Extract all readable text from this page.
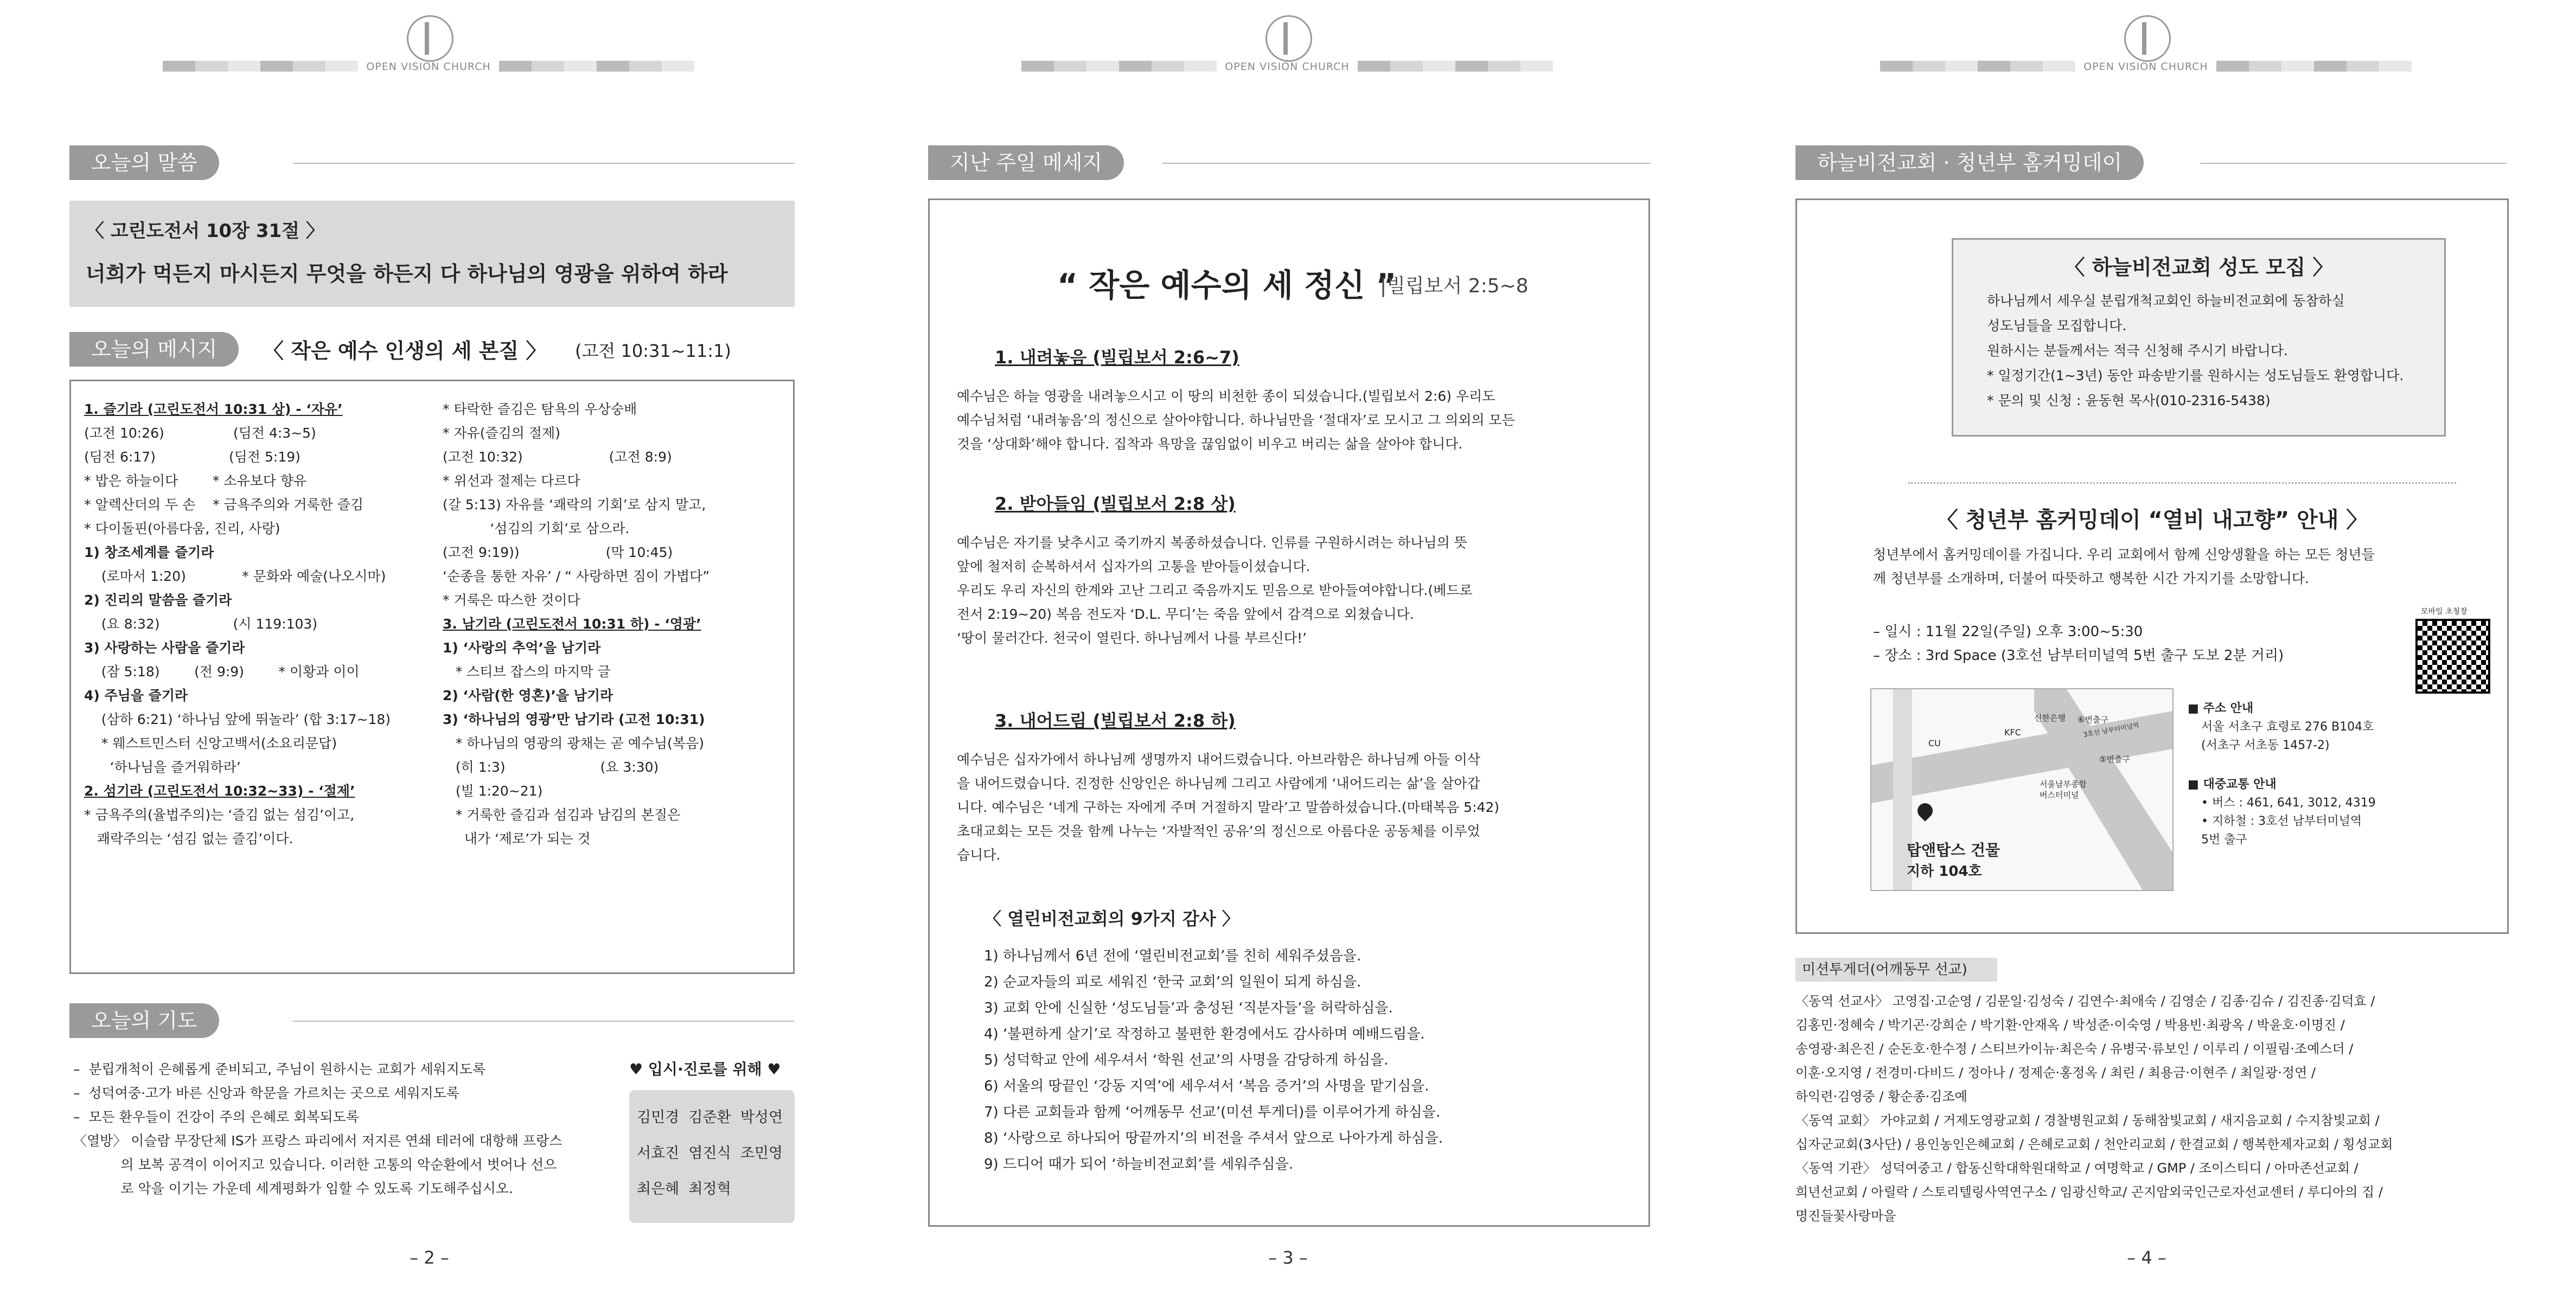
OPEN VISION CHURCH
오늘의 말씀
〈 고린도전서 10장 31절 〉
너희가 먹든지 마시든지 무엇을 하든지 다 하나님의 영광을 위하여 하라
오늘의 메시지	〈 작은 예수 인생의 세 본질 〉 (고전 10:31~11:1)
1. 즐기라 (고린도전서 10:31 상) - ‘자유’
(고전 10:26)                (딤전 4:3~5)
(딤전 6:17)                 (딤전 5:19)
* 밥은 하늘이다        * 소유보다 향유
* 알렉산더의 두 손    * 금욕주의와 거룩한 즐김
* 다이돌핀(아름다움, 진리, 사랑)
1) 창조세계를 즐기라
(로마서 1:20)             * 문화와 예술(나오시마)
2) 진리의 말씀을 즐기라
(요 8:32)                 (시 119:103)
3) 사랑하는 사람을 즐기라
(잠 5:18)        (전 9:9)        * 이황과 이이
4) 주님을 즐기라
(삼하 6:21) ‘하나님 앞에 뛰놀라’ (합 3:17~18)
* 웨스트민스터 신앙고백서(소요리문답)
‘하나님을 즐거워하라’
2. 섬기라 (고린도전서 10:32~33) - ‘절제’
* 금욕주의(율법주의)는 ‘즐김 없는 섬김’이고,
쾌락주의는 ‘섬김 없는 즐김’이다.
* 타락한 즐김은 탐욕의 우상숭배
* 자유(즐김의 절제)
(고전 10:32)                    (고전 8:9)
* 위선과 절제는 다르다
(갈 5:13) 자유를 ‘쾌락의 기회’로 삼지 말고,
‘섬김의 기회’로 삼으라.
(고전 9:19))                    (막 10:45)
‘순종을 통한 자유’ / “ 사랑하면 짐이 가볍다”
* 거룩은 따스한 것이다
3. 남기라 (고린도전서 10:31 하) - ‘영광’
1) ‘사랑의 추억’을 남기라
* 스티브 잡스의 마지막 글
2) ‘사람(한 영혼)’을 남기라
3) ‘하나님의 영광’만 남기라 (고전 10:31)
* 하나님의 영광의 광채는 곧 예수님(복음)
(히 1:3)                      (요 3:30)
(빌 1:20~21)
* 거룩한 즐김과 섬김과 남김의 본질은
내가 ‘제로’가 되는 것
오늘의 기도
–  분립개척이 은혜롭게 준비되고, 주님이 원하시는 교회가 세워지도록
–  성덕여중·고가 바른 신앙과 학문을 가르치는 곳으로 세워지도록
–  모든 환우들이 건강이 주의 은혜로 회복되도록
〈열방〉 이슬람 무장단체 IS가 프랑스 파리에서 저지른 연쇄 테러에 대항해 프랑스
의 보복 공격이 이어지고 있습니다. 이러한 고통의 악순환에서 벗어나 선으
로 악을 이기는 가운데 세계평화가 임할 수 있도록 기도해주십시오.
♥ 입시·진로를 위해 ♥
김민경  김준환  박성연
서효진  염진식  조민영
최은혜  최정혁
– 2 –
OPEN VISION CHURCH
지난 주일 메세지
“ 작은 예수의 세 정신 ”
|빌립보서 2:5~8
1. 내려놓음 (빌립보서 2:6~7)
예수님은 하늘 영광을 내려놓으시고 이 땅의 비천한 종이 되셨습니다.(빌립보서 2:6) 우리도
예수님처럼 ‘내려놓음’의 정신으로 살아야합니다. 하나님만을 ‘절대자’로 모시고 그 의외의 모든
것을 ‘상대화’해야 합니다. 집착과 욕망을 끊임없이 비우고 버리는 삶을 살아야 합니다.
2. 받아들임 (빌립보서 2:8 상)
예수님은 자기를 낮추시고 죽기까지 복종하셨습니다. 인류를 구원하시려는 하나님의 뜻
앞에 철저히 순복하셔서 십자가의 고통을 받아들이셨습니다.
우리도 우리 자신의 한계와 고난 그리고 죽음까지도 믿음으로 받아들여야합니다.(베드로
전서 2:19~20) 복음 전도자 ‘D.L. 무디’는 죽음 앞에서 감격으로 외쳤습니다.
‘땅이 물러간다. 천국이 열린다. 하나님께서 나를 부르신다!’
3. 내어드림 (빌립보서 2:8 하)
예수님은 십자가에서 하나님께 생명까지 내어드렸습니다. 아브라함은 하나님께 아들 이삭
을 내어드렸습니다. 진정한 신앙인은 하나님께 그리고 사람에게 ‘내어드리는 삶’을 살아갑
니다. 예수님은 ‘네게 구하는 자에게 주며 거절하지 말라’고 말씀하셨습니다.(마태복음 5:42)
초대교회는 모든 것을 함께 나누는 ‘자발적인 공유’의 정신으로 아름다운 공동체를 이루었
습니다.
〈 열린비전교회의 9가지 감사 〉
1) 하나님께서 6년 전에 ‘열린비전교회’를 친히 세워주셨음을.
2) 순교자들의 피로 세워진 ‘한국 교회’의 일원이 되게 하심을.
3) 교회 안에 신실한 ‘성도님들’과 충성된 ‘직분자들’을 허락하심을.
4) ‘불편하게 살기’로 작정하고 불편한 환경에서도 감사하며 예배드림을.
5) 성덕학교 안에 세우셔서 ‘학원 선교’의 사명을 감당하게 하심을.
6) 서울의 땅끝인 ‘강동 지역’에 세우셔서 ‘복음 증거’의 사명을 맡기심을.
7) 다른 교회들과 함께 ‘어깨동무 선교’(미션 투게더)를 이루어가게 하심을.
8) ‘사랑으로 하나되어 땅끝까지’의 비전을 주셔서 앞으로 나아가게 하심을.
9) 드디어 때가 되어 ‘하늘비전교회’를 세워주심을.
– 3 –
OPEN VISION CHURCH
하늘비전교회 · 청년부 홈커밍데이
〈 하늘비전교회 성도 모집 〉
하나님께서 세우실 분립개척교회인 하늘비전교회에 동참하실
성도님들을 모집합니다.
원하시는 분들께서는 적극 신청해 주시기 바랍니다.
* 일정기간(1~3년) 동안 파송받기를 원하시는 성도님들도 환영합니다.
* 문의 및 신청 : 윤동현 목사(010-2316-5438)
〈 청년부 홈커밍데이 “열비 내고향” 안내 〉
청년부에서 홈커밍데이를 가집니다. 우리 교회에서 함께 신앙생활을 하는 모든 청년들
께 청년부를 소개하며, 더불어 따뜻하고 행복한 시간 가지기를 소망합니다.
– 일시 : 11월 22일(주일) 오후 3:00~5:30
– 장소 : 3rd Space (3호선 남부터미널역 5번 출구 도보 2분 거리)
모바일 초청장
CU
KFC
신한은행 ⑥번출구
3호선 남부터미널역
⑤번출구
서울남부종합
버스터미널
탑앤탑스 건물
지하 104호
■ 주소 안내
서울 서초구 효령로 276 B104호
(서초구 서초동 1457-2)
■ 대중교통 안내
• 버스 : 461, 641, 3012, 4319
• 지하철 : 3호선 남부터미널역
5번 출구
미션투게더(어깨동무 선교)
〈동역 선교사〉 고영집·고순영 / 김문일·김성숙 / 김연수·최애숙 / 김영순 / 김종·김슈 / 김진종·김덕효 /
김홍민·정혜숙 / 박기곤·강희순 / 박기환·안재옥 / 박성준·이숙영 / 박용빈·최광옥 / 박윤호·이명진 /
송영광·최은진 / 순돈호·한수정 / 스티브카이뉴·최은숙 / 유병국·류보인 / 이루리 / 이필림·조예스더 /
이훈·오지영 / 전경미·다비드 / 정아나 / 정제순·홍정옥 / 최린 / 최용금·이현주 / 최일광·정연 /
하익련·김영중 / 황순종·김조예
〈동역 교회〉 가야교회 / 거제도영광교회 / 경찰병원교회 / 동해참빛교회 / 새지음교회 / 수지참빛교회 /
십자군교회(3사단) / 용인농인은혜교회 / 은혜로교회 / 천안리교회 / 한결교회 / 행복한제자교회 / 횡성교회
〈동역 기관〉 성덕여중고 / 합동신학대학원대학교 / 여명학교 / GMP / 조이스티디 / 아마존선교회 /
희년선교회 / 아릴락 / 스토리텔링사역연구소 / 임광신학교/ 곤지암외국인근로자선교센터 / 루디아의 집 /
명진들꽃사랑마을
– 4 –
